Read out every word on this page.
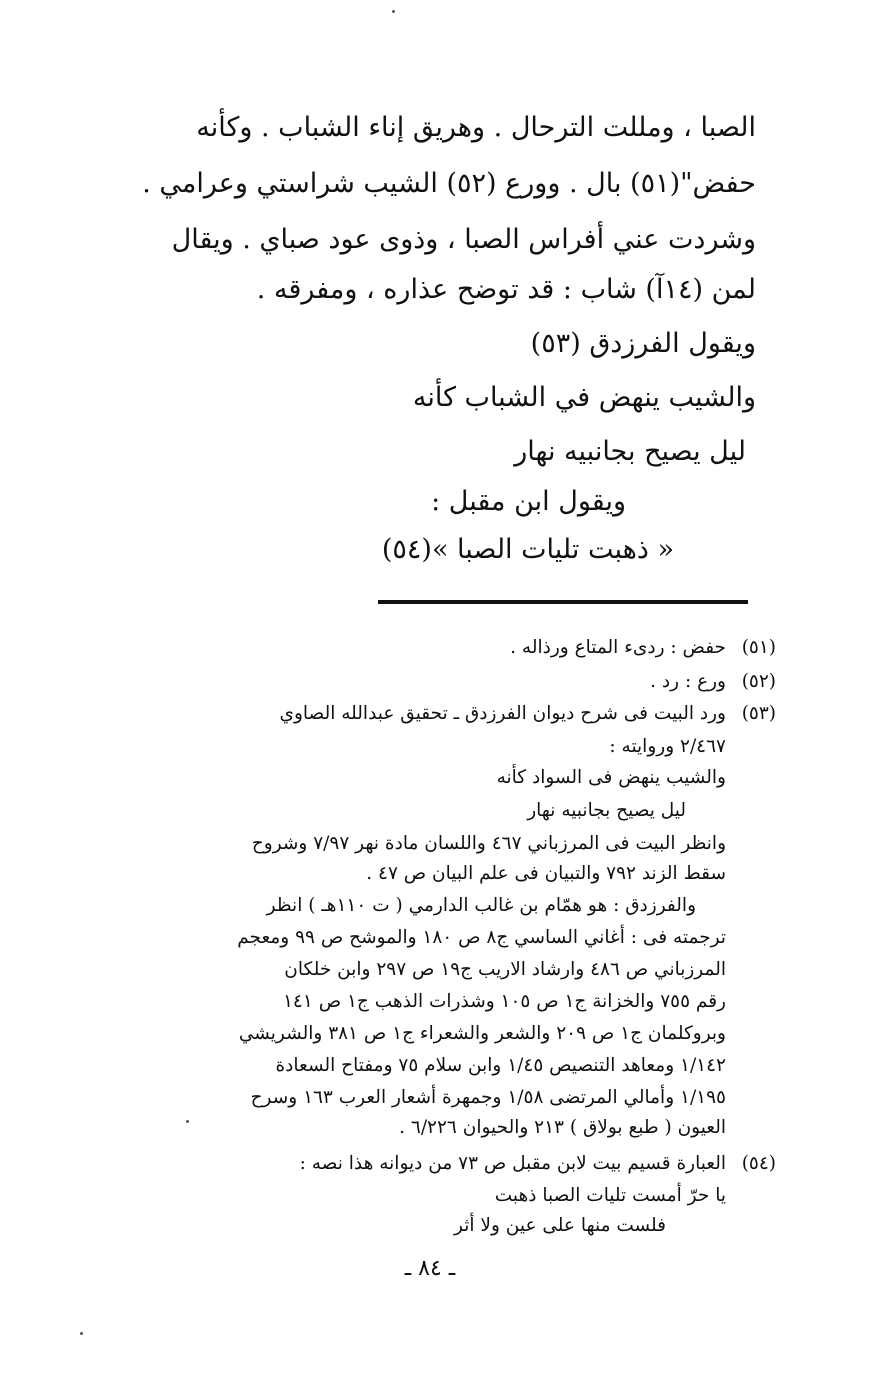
الصبا ، ومللت الترحال . وهريق إناء الشباب . وكأنه
حفض"(٥١) بال . وورع (٥٢) الشيب شراستي وعرامي .
وشردت عني أفراس الصبا ، وذوى عود صباي . ويقال
لمن (١٤آ) شاب : قد توضح عذاره ، ومفرقه .
ويقول الفرزدق (٥٣)
والشيب ينهض في الشباب كأنه
ليل يصيح بجانبيه نهار
ويقول ابن مقبل :
« ذهبت تليات الصبا »(٥٤)
(٥١)حفض : ردىء المتاع ورذاله .
(٥٢)ورع : رد .
(٥٣)ورد البيت فى شرح ديوان الفرزدق ـ تحقيق عبدالله الصاوي
٢/٤٦٧ وروايته :
والشيب ينهض فى السواد كأنه
ليل يصيح بجانبيه نهار
وانظر البيت فى المرزباني ٤٦٧ واللسان مادة نهر ٧/٩٧ وشروح
سقط الزند ٧٩٢ والتبيان فى علم البيان ص ٤٧ .
والفرزدق : هو همّام بن غالب الدارمي ( ت ١١٠هـ ) انظر
ترجمته فى : أغاني الساسي ج٨ ص ١٨٠ والموشح ص ٩٩ ومعجم
المرزباني ص ٤٨٦ وارشاد الاريب ج١٩ ص ٢٩٧ وابن خلكان
رقم ٧٥٥ والخزانة ج١ ص ١٠٥ وشذرات الذهب ج١ ص ١٤١
وبروكلمان ج١ ص ٢٠٩ والشعر والشعراء ج١ ص ٣٨١ والشريشي
١/١٤٢ ومعاهد التنصيص ١/٤٥ وابن سلام ٧٥ ومفتاح السعادة
١/١٩٥ وأمالي المرتضى ١/٥٨ وجمهرة أشعار العرب ١٦٣ وسرح
العيون ( طبع بولاق ) ٢١٣ والحيوان ٦/٢٢٦ .
(٥٤)العبارة قسيم بيت لابن مقبل ص ٧٣ من ديوانه هذا نصه :
يا حرّ أمست تليات الصبا ذهبت
فلست منها على عين ولا أثر
ـ ٨٤ ـ
